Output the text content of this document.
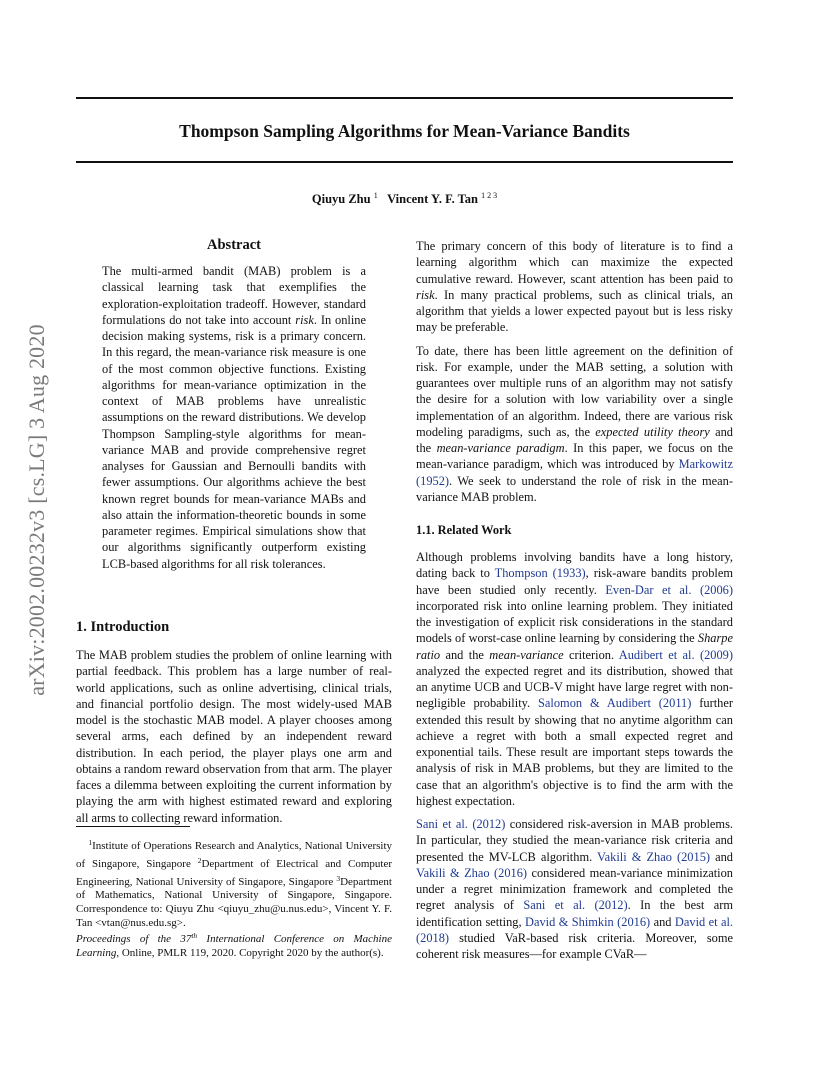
Thompson Sampling Algorithms for Mean-Variance Bandits
Qiuyu Zhu $^1$ Vincent Y. F. Tan $^{1 2 3}$
arXiv:2002.00232v3 [cs.LG] 3 Aug 2020
Abstract
The multi-armed bandit (MAB) problem is a classical learning task that exemplifies the exploration-exploitation tradeoff. However, standard formulations do not take into account risk. In online decision making systems, risk is a primary concern. In this regard, the mean-variance risk measure is one of the most common objective functions. Existing algorithms for mean-variance optimization in the context of MAB problems have unrealistic assumptions on the reward distributions. We develop Thompson Sampling-style algorithms for mean-variance MAB and provide comprehensive regret analyses for Gaussian and Bernoulli bandits with fewer assumptions. Our algorithms achieve the best known regret bounds for mean-variance MABs and also attain the information-theoretic bounds in some parameter regimes. Empirical simulations show that our algorithms significantly outperform existing LCB-based algorithms for all risk tolerances.
1. Introduction

The MAB problem studies the problem of online learning with partial feedback. This problem has a large number of real-world applications, such as online advertising, clinical trials, and financial portfolio design. The most widely-used MAB model is the stochastic MAB model. A player chooses among several arms, each defined by an independent reward distribution. In each period, the player plays one arm and obtains a random reward observation from that arm. The player faces a dilemma between exploiting the current information by playing the arm with highest estimated reward and exploring all arms to collecting reward information.

$^1$Institute of Operations Research and Analytics, National University of Singapore, Singapore $^2$Department of Electrical and Computer Engineering, National University of Singapore, Singapore $^3$Department of Mathematics, National University of Singapore, Singapore. Correspondence to: Qiuyu Zhu <qiuyu_zhu@u.nus.edu>, Vincent Y. F. Tan <vtan@nus.edu.sg>.
Proceedings of the 37th International Conference on Machine Learning, Online, PMLR 119, 2020. Copyright 2020 by the author(s).

The primary concern of this body of literature is to find a learning algorithm which can maximize the expected cumulative reward. However, scant attention has been paid to risk. In many practical problems, such as clinical trials, an algorithm that yields a lower expected payout but is less risky may be preferable.

To date, there has been little agreement on the definition of risk. For example, under the MAB setting, a solution with guarantees over multiple runs of an algorithm may not satisfy the desire for a solution with low variability over a single implementation of an algorithm. Indeed, there are various risk modeling paradigms, such as, the expected utility theory and the mean-variance paradigm. In this paper, we focus on the mean-variance paradigm, which was introduced by Markowitz (1952). We seek to understand the role of risk in the mean-variance MAB problem.

1.1. Related Work

Although problems involving bandits have a long history, dating back to Thompson (1933), risk-aware bandits problem have been studied only recently. Even-Dar et al. (2006) incorporated risk into online learning problem. They initiated the investigation of explicit risk considerations in the standard models of worst-case online learning by considering the Sharpe ratio and the mean-variance criterion. Audibert et al. (2009) analyzed the expected regret and its distribution, showed that an anytime UCB and UCB-V might have large regret with non-negligible probability. Salomon & Audibert (2011) further extended this result by showing that no anytime algorithm can achieve a regret with both a small expected regret and exponential tails. These result are important steps towards the analysis of risk in MAB problems, but they are limited to the case that an algorithm's objective is to find the arm with the highest expectation.

Sani et al. (2012) considered risk-aversion in MAB problems. In particular, they studied the mean-variance risk criteria and presented the MV-LCB algorithm. Vakili & Zhao (2015) and Vakili & Zhao (2016) considered mean-variance minimization under a regret minimization framework and completed the regret analysis of Sani et al. (2012). In the best arm identification setting, David & Shimkin (2016) and David et al. (2018) studied VaR-based risk criteria. Moreover, some coherent risk measures—for example CVaR—
